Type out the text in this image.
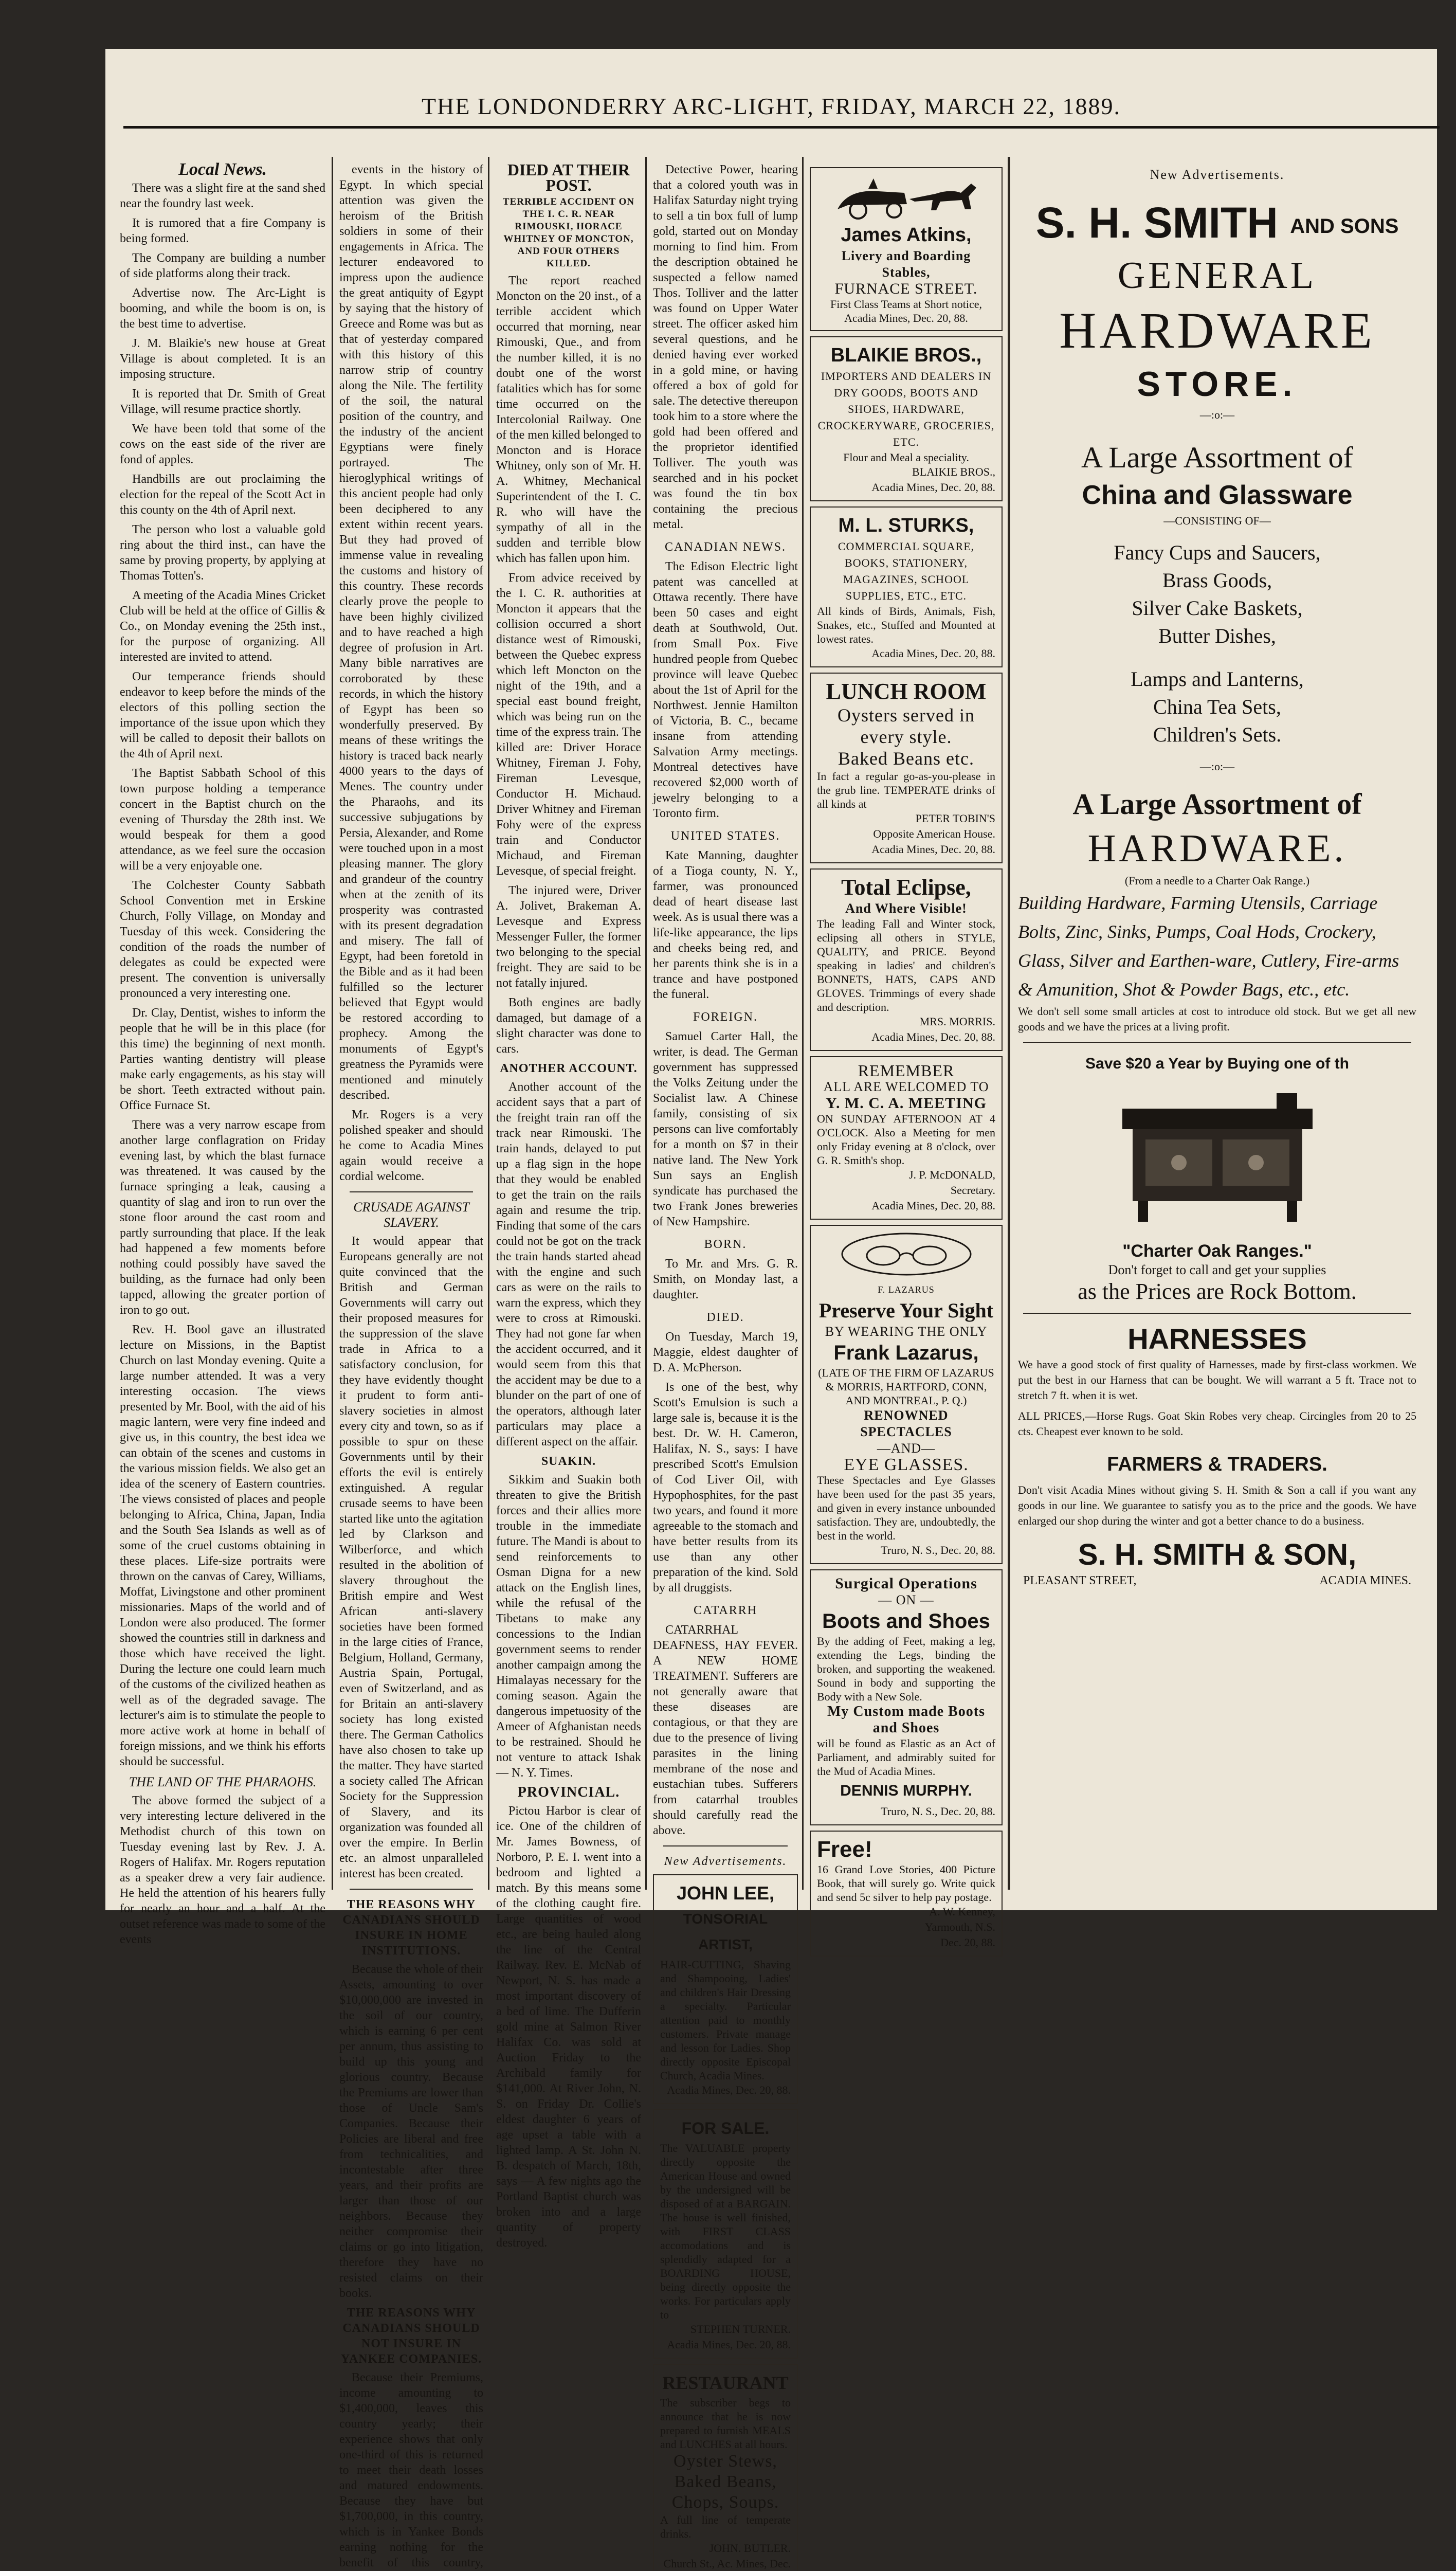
THE LONDONDERRY ARC-LIGHT, FRIDAY, MARCH 22, 1889.
Local News.

There was a slight fire at the sand shed near the foundry last week.

It is rumored that a fire Company is being formed.

The Company are building a number of side platforms along their track.

Advertise now. The Arc-Light is booming, and while the boom is on, is the best time to advertise.

J. M. Blaikie's new house at Great Village is about completed. It is an imposing structure.

It is reported that Dr. Smith of Great Village, will resume practice shortly.

We have been told that some of the cows on the east side of the river are fond of apples.

Handbills are out proclaiming the election for the repeal of the Scott Act in this county on the 4th of April next.

The person who lost a valuable gold ring about the third inst., can have the same by proving property, by applying at Thomas Totten's.

A meeting of the Acadia Mines Cricket Club will be held at the office of Gillis & Co., on Monday evening the 25th inst., for the purpose of organizing. All interested are invited to attend.

Our temperance friends should endeavor to keep before the minds of the electors of this polling section the importance of the issue upon which they will be called to deposit their ballots on the 4th of April next.

The Baptist Sabbath School of this town purpose holding a temperance concert in the Baptist church on the evening of Thursday the 28th inst. We would bespeak for them a good attendance, as we feel sure the occasion will be a very enjoyable one.

The Colchester County Sabbath School Convention met in Erskine Church, Folly Village, on Monday and Tuesday of this week. Considering the condition of the roads the number of delegates as could be expected were present. The convention is universally pronounced a very interesting one.

Dr. Clay, Dentist, wishes to inform the people that he will be in this place (for this time) the beginning of next month. Parties wanting dentistry will please make early engagements, as his stay will be short. Teeth extracted without pain. Office Furnace St.

There was a very narrow escape from another large conflagration on Friday evening last, by which the blast furnace was threatened. It was caused by the furnace springing a leak, causing a quantity of slag and iron to run over the stone floor around the cast room and partly surrounding that place. If the leak had happened a few moments before nothing could possibly have saved the building, as the furnace had only been tapped, allowing the greater portion of iron to go out.

Rev. H. Bool gave an illustrated lecture on Missions, in the Baptist Church on last Monday evening. Quite a large number attended. It was a very interesting occasion. The views presented by Mr. Bool, with the aid of his magic lantern, were very fine indeed and give us, in this country, the best idea we can obtain of the scenes and customs in the various mission fields. We also get an idea of the scenery of Eastern countries. The views consisted of places and people belonging to Africa, China, Japan, India and the South Sea Islands as well as of some of the cruel customs obtaining in these places. Life-size portraits were thrown on the canvas of Carey, Williams, Moffat, Livingstone and other prominent missionaries. Maps of the world and of London were also produced. The former showed the countries still in darkness and those which have received the light. During the lecture one could learn much of the customs of the civilized heathen as well as of the degraded savage. The lecturer's aim is to stimulate the people to more active work at home in behalf of foreign missions, and we think his efforts should be successful.

THE LAND OF THE PHARAOHS.

The above formed the subject of a very interesting lecture delivered in the Methodist church of this town on Tuesday evening last by Rev. J. A. Rogers of Halifax. Mr. Rogers reputation as a speaker drew a very fair audience. He held the attention of his hearers fully for nearly an hour and a half. At the outset reference was made to some of the events

events in the history of Egypt. In which special attention was given the heroism of the British soldiers in some of their engagements in Africa. The lecturer endeavored to impress upon the audience the great antiquity of Egypt by saying that the history of Greece and Rome was but as that of yesterday compared with this history of this narrow strip of country along the Nile. The fertility of the soil, the natural position of the country, and the industry of the ancient Egyptians were finely portrayed. The hieroglyphical writings of this ancient people had only been deciphered to any extent within recent years. But they had proved of immense value in revealing the customs and history of this country. These records clearly prove the people to have been highly civilized and to have reached a high degree of profusion in Art. Many bible narratives are corroborated by these records, in which the history of Egypt has been so wonderfully preserved. By means of these writings the history is traced back nearly 4000 years to the days of Menes. The country under the Pharaohs, and its successive subjugations by Persia, Alexander, and Rome were touched upon in a most pleasing manner. The glory and grandeur of the country when at the zenith of its prosperity was contrasted with its present degradation and misery. The fall of Egypt, had been foretold in the Bible and as it had been fulfilled so the lecturer believed that Egypt would be restored according to prophecy. Among the monuments of Egypt's greatness the Pyramids were mentioned and minutely described.

Mr. Rogers is a very polished speaker and should he come to Acadia Mines again would receive a cordial welcome.

CRUSADE AGAINST SLAVERY.

It would appear that Europeans generally are not quite convinced that the British and German Governments will carry out their proposed measures for the suppression of the slave trade in Africa to a satisfactory conclusion, for they have evidently thought it prudent to form anti-slavery societies in almost every city and town, so as if possible to spur on these Governments until by their efforts the evil is entirely extinguished. A regular crusade seems to have been started like unto the agitation led by Clarkson and Wilberforce, and which resulted in the abolition of slavery throughout the British empire and West African anti-slavery societies have been formed in the large cities of France, Belgium, Holland, Germany, Austria Spain, Portugal, even of Switzerland, and as for Britain an anti-slavery society has long existed there. The German Catholics have also chosen to take up the matter. They have started a society called The African Society for the Suppression of Slavery, and its organization was founded all over the empire. In Berlin etc. an almost unparalleled interest has been created.

THE REASONS WHY CANADIANS SHOULD INSURE IN HOME INSTITUTIONS.

Because the whole of their Assets, amounting to over $10,000,000 are invested in the soil of our country, which is earning 6 per cent per annum, thus assisting to build up this young and glorious country. Because the Premiums are lower than those of Uncle Sam's Companies. Because their Policies are liberal and free from technicalities, and incontestable after three years, and their profits are larger than those of our neighbors. Because they neither compromise their claims or go into litigation, therefore they have no resisted claims on their books.

THE REASONS WHY CANADIANS SHOULD NOT INSURE IN YANKEE COMPANIES.

Because their Premiums, income amounting to $1,400,000, leaves this country yearly; their experience shows that only one-third of this is returned to meet their death losses and matured endowments. Because they have but $1,700,000, in this country, which is in Yankee Bonds earning nothing for the benefit of this country,

DIED AT THEIR POST.
TERRIBLE ACCIDENT ON THE I. C. R. NEAR RIMOUSKI, HORACE WHITNEY OF MONCTON, AND FOUR OTHERS KILLED.

The report reached Moncton on the 20 inst., of a terrible accident which occurred that morning, near Rimouski, Que., and from the number killed, it is no doubt one of the worst fatalities which has for some time occurred on the Intercolonial Railway. One of the men killed belonged to Moncton and is Horace Whitney, only son of Mr. H. A. Whitney, Mechanical Superintendent of the I. C. R. who will have the sympathy of all in the sudden and terrible blow which has fallen upon him.

From advice received by the I. C. R. authorities at Moncton it appears that the collision occurred a short distance west of Rimouski, between the Quebec express which left Moncton on the night of the 19th, and a special east bound freight, which was being run on the time of the express train. The killed are: Driver Horace Whitney, Fireman J. Fohy, Fireman Levesque, Conductor H. Michaud. Driver Whitney and Fireman Fohy were of the express train and Conductor Michaud, and Fireman Levesque, of special freight.

The injured were, Driver A. Jolivet, Brakeman A. Levesque and Express Messenger Fuller, the former two belonging to the special freight. They are said to be not fatally injured.

Both engines are badly damaged, but damage of a slight character was done to cars.

ANOTHER ACCOUNT.

Another account of the accident says that a part of the freight train ran off the track near Rimouski. The train hands, delayed to put up a flag sign in the hope that they would be enabled to get the train on the rails again and resume the trip. Finding that some of the cars could not be got on the track the train hands started ahead with the engine and such cars as were on the rails to warn the express, which they were to cross at Rimouski. They had not gone far when the accident occurred, and it would seem from this that the accident may be due to a blunder on the part of one of the operators, although later particulars may place a different aspect on the affair.

SUAKIN.

Sikkim and Suakin both threaten to give the British forces and their allies more trouble in the immediate future. The Mandi is about to send reinforcements to Osman Digna for a new attack on the English lines, while the refusal of the Tibetans to make any concessions to the Indian government seems to render another campaign among the Himalayas necessary for the coming season. Again the dangerous impetuosity of the Ameer of Afghanistan needs to be restrained. Should he not venture to attack Ishak — N. Y. Times.

PROVINCIAL.

Pictou Harbor is clear of ice. One of the children of Mr. James Bowness, of Norboro, P. E. I. went into a bedroom and lighted a match. By this means some of the clothing caught fire. Large quantities of wood etc., are being hauled along the line of the Central Railway. Rev. E. McNab of Newport, N. S. has made a most important discovery of a bed of lime. The Dufferin gold mine at Salmon River Halifax Co. was sold at Auction Friday to the Archibald family for $141,000. At River John, N. S. on Friday Dr. Collie's eldest daughter 6 years of age upset a table with a lighted lamp. A St. John N. B. despatch of March, 18th, says — A few nights ago the Portland Baptist church was broken into and a large quantity of property destroyed.

Detective Power, hearing that a colored youth was in Halifax Saturday night trying to sell a tin box full of lump gold, started out on Monday morning to find him. From the description obtained he suspected a fellow named Thos. Tolliver and the latter was found on Upper Water street. The officer asked him several questions, and he denied having ever worked in a gold mine, or having offered a box of gold for sale. The detective thereupon took him to a store where the gold had been offered and the proprietor identified Tolliver. The youth was searched and in his pocket was found the tin box containing the precious metal.

CANADIAN NEWS.

The Edison Electric light patent was cancelled at Ottawa recently. There have been 50 cases and eight death at Southwold, Out. from Small Pox. Five hundred people from Quebec province will leave Quebec about the 1st of April for the Northwest. Jennie Hamilton of Victoria, B. C., became insane from attending Salvation Army meetings. Montreal detectives have recovered $2,000 worth of jewelry belonging to a Toronto firm.

UNITED STATES.

Kate Manning, daughter of a Tioga county, N. Y., farmer, was pronounced dead of heart disease last week. As is usual there was a life-like appearance, the lips and cheeks being red, and her parents think she is in a trance and have postponed the funeral.

FOREIGN.

Samuel Carter Hall, the writer, is dead. The German government has suppressed the Volks Zeitung under the Socialist law. A Chinese family, consisting of six persons can live comfortably for a month on $7 in their native land. The New York Sun says an English syndicate has purchased the two Frank Jones breweries of New Hampshire.

BORN.

To Mr. and Mrs. G. R. Smith, on Monday last, a daughter.

DIED.

On Tuesday, March 19, Maggie, eldest daughter of D. A. McPherson.

Is one of the best, why Scott's Emulsion is such a large sale is, because it is the best. Dr. W. H. Cameron, Halifax, N. S., says: I have prescribed Scott's Emulsion of Cod Liver Oil, with Hypophosphites, for the past two years, and found it more agreeable to the stomach and have better results from its use than any other preparation of the kind. Sold by all druggists.

CATARRH

CATARRHAL DEAFNESS, HAY FEVER. A NEW HOME TREATMENT. Sufferers are not generally aware that these diseases are contagious, or that they are due to the presence of living parasites in the lining membrane of the nose and eustachian tubes. Sufferers from catarrhal troubles should carefully read the above.

New Advertisements.
JOHN LEE,
TONSORIAL ARTIST,
HAIR-CUTTING, Shaving and Shampooing, Ladies' and children's Hair Dressing a specialty. Particular attention paid to monthly customers. Private manage and lesson for Ladies. Shop directly opposite Episcopal Church, Acadia Mines.
Acadia Mines, Dec. 20, 88.
FOR SALE.
The VALUABLE property directly opposite the American House and owned by the undersigned will be disposed of at a BARGAIN. The house is well finished, with FIRST CLASS accomodations and is splendidly adapted for a BOARDING HOUSE, being directly opposite the works. For particulars apply to
STEPHEN TURNER.
Acadia Mines, Dec. 20, 88.
RESTAURANT
The subscriber begs to announce that he is now prepared to furnish MEALS and LUNCHES at all hours.
Oyster Stews,
Baked Beans,
Chops, Soups.
A full line of temperate drinks.
JOHN. BUTLER.
Church St., Ac. Mines, Dec.
James Atkins,
Livery and Boarding Stables,
FURNACE STREET.
First Class Teams at Short notice,
Acadia Mines, Dec. 20, 88.
BLAIKIE BROS.,
IMPORTERS AND DEALERS IN DRY GOODS, BOOTS AND SHOES, HARDWARE, CROCKERYWARE, GROCERIES, ETC.
Flour and Meal a speciality.
BLAIKIE BROS.,
Acadia Mines, Dec. 20, 88.
M. L. STURKS,
COMMERCIAL SQUARE, BOOKS, STATIONERY, MAGAZINES, SCHOOL SUPPLIES, ETC., ETC.
All kinds of Birds, Animals, Fish, Snakes, etc., Stuffed and Mounted at lowest rates.
Acadia Mines, Dec. 20, 88.
LUNCH ROOM
Oysters served in
every style.
Baked Beans etc.
In fact a regular go-as-you-please in the grub line. TEMPERATE drinks of all kinds at
PETER TOBIN'S
Opposite American House.
Acadia Mines, Dec. 20, 88.
Total Eclipse,
And Where Visible!
The leading Fall and Winter stock, eclipsing all others in STYLE, QUALITY, and PRICE. Beyond speaking in ladies' and children's BONNETS, HATS, CAPS AND GLOVES. Trimmings of every shade and description.
MRS. MORRIS.
Acadia Mines, Dec. 20, 88.
REMEMBER
ALL ARE WELCOMED TO
Y. M. C. A. MEETING
ON SUNDAY AFTERNOON AT 4 O'CLOCK. Also a Meeting for men only Friday evening at 8 o'clock, over G. R. Smith's shop.
J. P. McDONALD,
Secretary.
Acadia Mines, Dec. 20, 88.
F. LAZARUS
Preserve Your Sight
BY WEARING THE ONLY
Frank Lazarus,
(LATE OF THE FIRM OF LAZARUS & MORRIS, HARTFORD, CONN, AND MONTREAL, P. Q.)
RENOWNED SPECTACLES
—AND—
EYE GLASSES.
These Spectacles and Eye Glasses have been used for the past 35 years, and given in every instance unbounded satisfaction. They are, undoubtedly, the best in the world.
Truro, N. S., Dec. 20, 88.
Surgical Operations
— ON —
Boots and Shoes
By the adding of Feet, making a leg, extending the Legs, binding the broken, and supporting the weakened. Sound in body and supporting the Body with a New Sole.
My Custom made Boots and Shoes
will be found as Elastic as an Act of Parliament, and admirably suited for the Mud of Acadia Mines.
DENNIS MURPHY.
Truro, N. S., Dec. 20, 88.
Free!
16 Grand Love Stories, 400 Picture Book, that will surely go. Write quick and send 5c silver to help pay postage.
A. W. Kenney,
Yarmouth, N.S.
Dec. 20, 88.
New Advertisements.
S. H. SMITH AND SONS
GENERAL
HARDWARE
STORE.
—:o:—
A Large Assortment of
China and Glassware
—CONSISTING OF—
Fancy Cups and Saucers,
Brass Goods,
Silver Cake Baskets,
Butter Dishes,
Lamps and Lanterns,
China Tea Sets,
Children's Sets.
—:o:—
A Large Assortment of
HARDWARE.
(From a needle to a Charter Oak Range.)
Building Hardware, Farming Utensils, Carriage Bolts, Zinc, Sinks, Pumps, Coal Hods, Crockery, Glass, Silver and Earthen-ware, Cutlery, Fire-arms & Amunition, Shot & Powder Bags, etc., etc.
We don't sell some small articles at cost to introduce old stock. But we get all new goods and we have the prices at a living profit.
Save $20 a Year by Buying one of th
"Charter Oak Ranges."
Don't forget to call and get your supplies
as the Prices are Rock Bottom.
HARNESSES
We have a good stock of first quality of Harnesses, made by first-class workmen. We put the best in our Harness that can be bought. We will warrant a 5 ft. Trace not to stretch 7 ft. when it is wet.
ALL PRICES,—Horse Rugs. Goat Skin Robes very cheap. Circingles from 20 to 25 cts. Cheapest ever known to be sold.
FARMERS & TRADERS.
Don't visit Acadia Mines without giving S. H. Smith & Son a call if you want any goods in our line. We guarantee to satisfy you as to the price and the goods. We have enlarged our shop during the winter and got a better chance to do a business.
S. H. SMITH & SON,
PLEASANT STREET,	ACADIA MINES.
